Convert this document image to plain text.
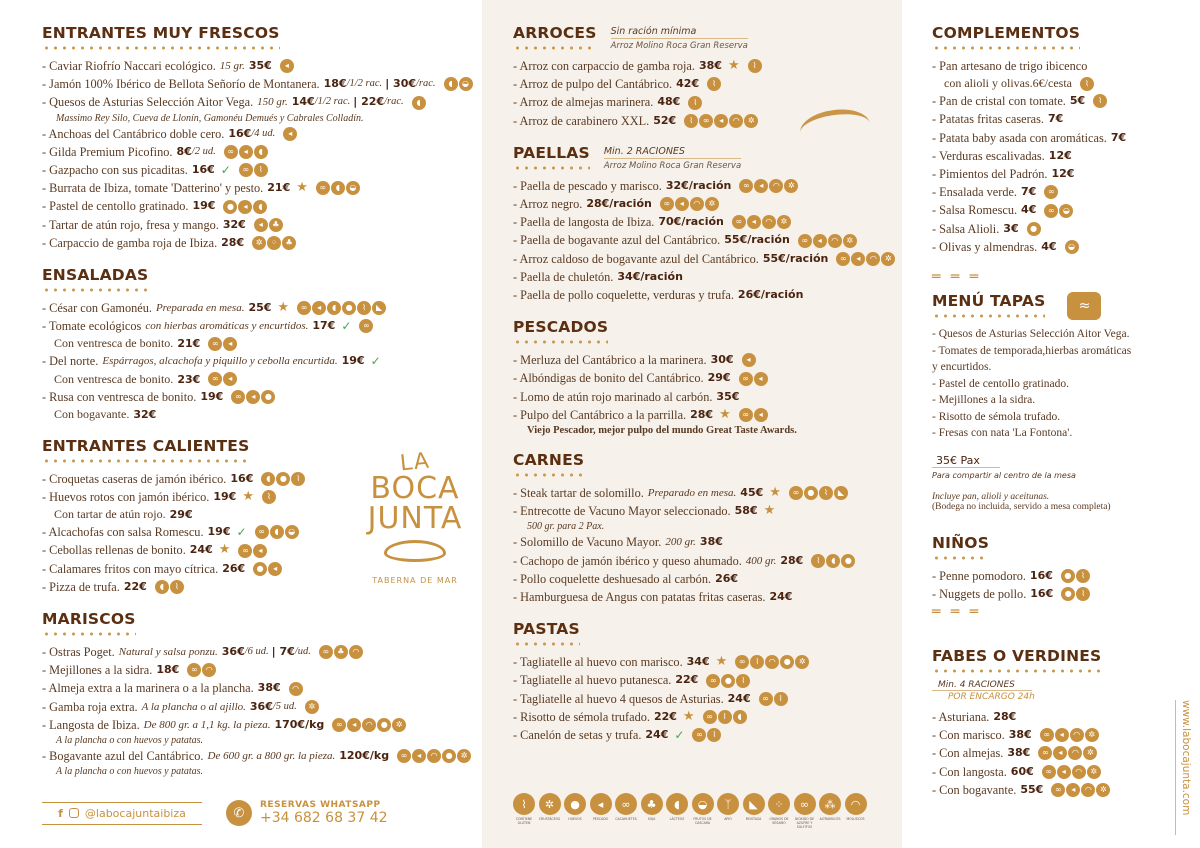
ENTRANTES MUY FRESCOS
- Caviar Riofrío Naccari ecológico. 15 gr. 35€	◂
- Jamón 100% Ibérico de Bellota Señorío de Montanera. 18€ /1/2 rac. | 30€ /rac.	◖	◒
- Quesos de Asturias Selección Aitor Vega. 150 gr. 14€ /1/2 rac. | 22€ /rac.	◖
Massimo Rey Silo, Cueva de Llonín, Gamonéu Demués y Cabrales Colladín.
- Anchoas del Cantábrico doble cero. 16€ /4 ud.	◂
- Gilda Premium Picofino. 8€ /2 ud.	∞	◂	◖
- Gazpacho con sus picaditas. 16€ ✓	∞	⌇
- Burrata de Ibiza, tomate 'Datterino' y pesto. 21€ ★	∞	◖	◒
- Pastel de centollo gratinado. 19€	●	◂	◖
- Tartar de atún rojo, fresa y mango. 32€	◂	♣
- Carpaccio de gamba roja de Ibiza. 28€	✲	⁘	♣
ENSALADAS
- César con Gamonéu. Preparada en mesa. 25€ ★	∞	◂	◖	●	⌇	◣
- Tomate ecológicos con hierbas aromáticas y encurtidos. 17€ ✓	∞
Con ventresca de bonito. 21€	∞	◂
- Del norte. Espárragos, alcachofa y piquillo y cebolla encurtida. 19€ ✓
Con ventresca de bonito. 23€	∞	◂
- Rusa con ventresca de bonito. 19€	∞	◂	●
Con bogavante. 32€
ENTRANTES CALIENTES
- Croquetas caseras de jamón ibérico. 16€	◖	●	⌇
- Huevos rotos con jamón ibérico. 19€ ★	⌇
Con tartar de atún rojo. 29€
- Alcachofas con salsa Romescu. 19€ ✓	∞	◖	◒
- Cebollas rellenas de bonito. 24€ ★	∞	◂
- Calamares fritos con mayo cítrica. 26€	●	◂
- Pizza de trufa. 22€	◖	⌇
MARISCOS
- Ostras Poget. Natural y salsa ponzu. 36€ /6 ud. | 7€ /ud.	∞	♣ ◠
- Mejillones a la sidra. 18€	∞	◠
- Almeja extra a la marinera o a la plancha. 38€	◠
- Gamba roja extra. A la plancha o al ajillo. 36€ /5 ud.	✲
- Langosta de Ibiza. De 800 gr. a 1,1 kg. la pieza. 170€/kg	∞	◂	◠	●	✲
A la plancha o con huevos y patatas.
- Bogavante azul del Cantábrico. De 600 gr. a 800 gr. la pieza. 120€/kg	∞	◂	◠	●	✲
A la plancha o con huevos y patatas.
ARROCES Sin ración mínima
Arroz Molino Roca Gran Reserva
- Arroz con carpaccio de gamba roja. 38€ ★	⌇
- Arroz de pulpo del Cantábrico. 42€	⌇
- Arroz de almejas marinera. 48€	⌇
- Arroz de carabinero XXL. 52€	⌇	∞	◂	◠	✲
PAELLAS Min. 2 RACIONES
Arroz Molino Roca Gran Reserva
- Paella de pescado y marisco. 32€/ración	∞	◂	◠	✲
- Arroz negro. 28€/ración	∞	◂	◠	✲
- Paella de langosta de Ibiza. 70€/ración	∞	◂	◠	✲
- Paella de bogavante azul del Cantábrico. 55€/ración	∞	◂	◠	✲
- Arroz caldoso de bogavante azul del Cantábrico. 55€/ración	∞	◂	◠	✲
- Paella de chuletón. 34€/ración
- Paella de pollo coquelette, verduras y trufa. 26€/ración
PESCADOS
- Merluza del Cantábrico a la marinera. 30€	◂
- Albóndigas de bonito del Cantábrico. 29€	∞	◂
- Lomo de atún rojo marinado al carbón. 35€
- Pulpo del Cantábrico a la parrilla. 28€ ★	∞	◂
Viejo Pescador, mejor pulpo del mundo Great Taste Awards.
CARNES
- Steak tartar de solomillo. Preparado en mesa. 45€ ★	∞	●	⌇	◣
- Entrecotte de Vacuno Mayor seleccionado. 58€ ★
500 gr. para 2 Pax.
- Solomillo de Vacuno Mayor. 200 gr. 38€
- Cachopo de jamón ibérico y queso ahumado. 400 gr. 28€	⌇	◖	●
- Pollo coquelette deshuesado al carbón. 26€
- Hamburguesa de Angus con patatas fritas caseras. 24€
PASTAS
- Tagliatelle al huevo con marisco. 34€ ★	∞	⌇	◠	●	✲
- Tagliatelle al huevo putanesca. 22€	∞	●	⌇
- Tagliatelle al huevo 4 quesos de Asturias. 24€	∞	⌇
- Risotto de sémola trufado. 22€ ★	∞	⌇	◖
- Canelón de setas y trufa. 24€ ✓	∞	⌇
COMPLEMENTOS
- Pan artesano de trigo ibicenco
con alioli y olivas. 6€ /cesta	⌇
- Pan de cristal con tomate. 5€	⌇
- Patatas fritas caseras. 7€
- Patata baby asada con aromáticas. 7€
- Verduras escalivadas. 12€
- Pimientos del Padrón. 12€
- Ensalada verde. 7€	∞
- Salsa Romescu. 4€	∞	◒
- Salsa Alioli. 3€	●
- Olivas y almendras. 4€	◒
═ ═ ═
MENÚ TAPAS	≈
- Quesos de Asturias Selección Aitor Vega.
- Tomates de temporada,hierbas aromáticas
y encurtidos.
- Pastel de centollo gratinado.
- Mejillones a la sidra.
- Risotto de sémola trufado.
- Fresas con nata 'La Fontona'.
35€ Pax
Para compartir al centro de la mesa
Incluye pan, alioli y aceitunas.
(Bodega no incluida, servido a mesa completa)
NIÑOS
- Penne pomodoro. 16€	●	⌇
- Nuggets de pollo. 16€	●	⌇
═ ═ ═
FABES O VERDINES
Min. 4 RACIONES
POR ENCARGO 24h
- Asturiana. 28€
- Con marisco. 38€	∞	◂	◠	✲
- Con almejas. 38€	∞	◂	◠	✲
- Con langosta. 60€	∞	◂	◠	✲
- Con bogavante. 55€	∞	◂	◠	✲
LA
BOCA
JUNTA
TABERNA DE MAR
f @labocajuntaibiza	✆
RESERVAS WHATSAPP
+34 682 68 37 42
⌇
CONTIENE GLUTEN
✲
CRUSTÁCEOS
●
HUEVOS
◂
PESCADO
∞
CACAHUETES
♣
SOJA
◖
LÁCTEOS
◒
FRUTOS DE CÁSCARA
ᛉ
APIO
◣
MOSTAZA
⁘
GRANOS DE SÉSAMO
∞
DIÓXIDO DE AZUFRE Y SULFITOS
⁂
ALTRAMUCES
◠
MOLUSCOS
www.labocajunta.com
